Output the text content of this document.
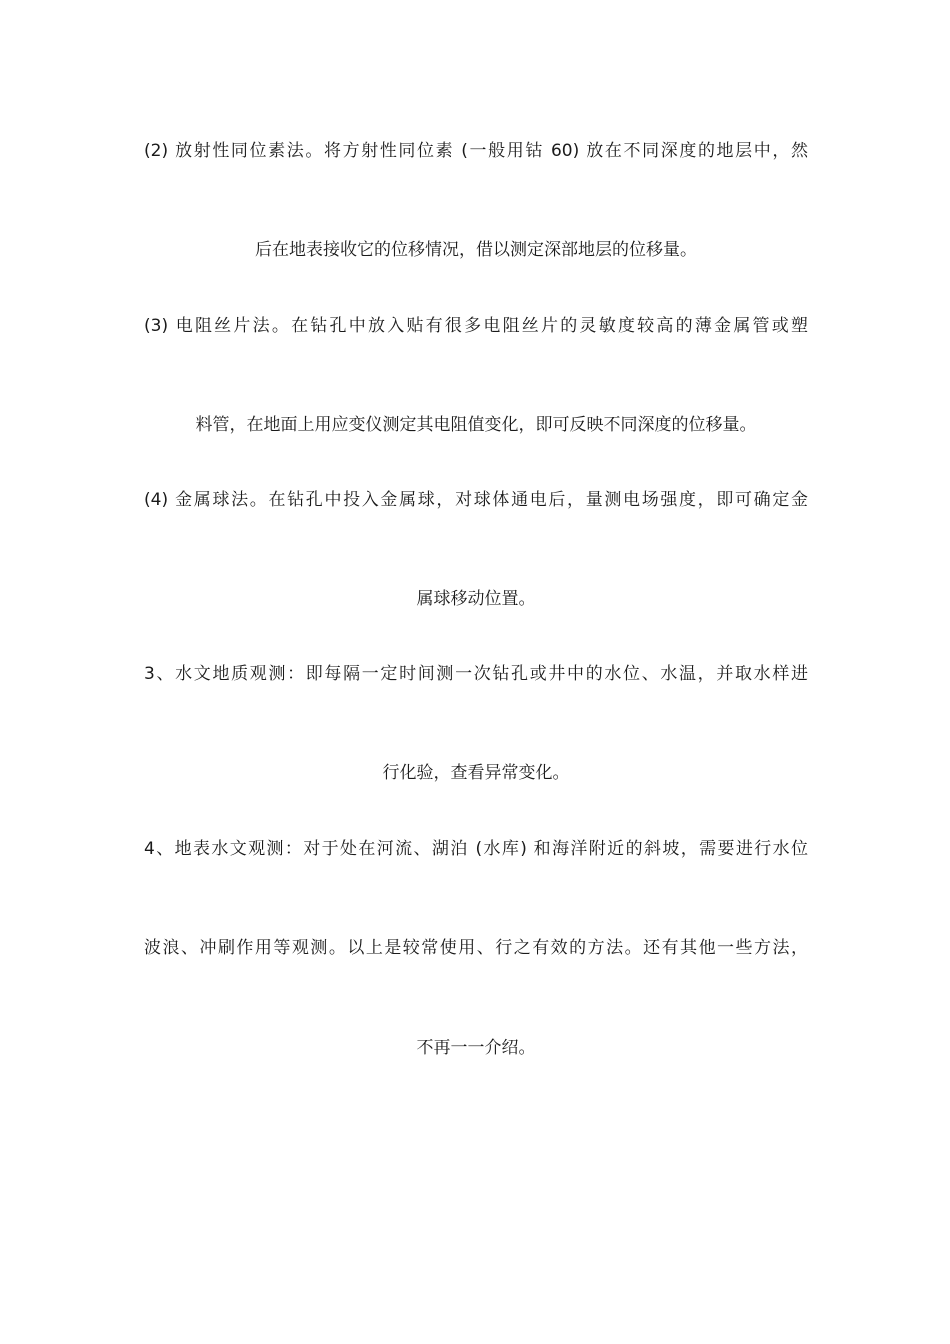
(2) 放射性同位素法。将方射性同位素 (一般用钴 60) 放在不同深度的地层中，然
后在地表接收它的位移情况，借以测定深部地层的位移量。
(3) 电阻丝片法。在钻孔中放入贴有很多电阻丝片的灵敏度较高的薄金属管或塑
料管，在地面上用应变仪测定其电阻值变化，即可反映不同深度的位移量。
(4) 金属球法。在钻孔中投入金属球，对球体通电后，量测电场强度，即可确定金
属球移动位置。
3、水文地质观测：即每隔一定时间测一次钻孔或井中的水位、水温，并取水样进
行化验，查看异常变化。
4、地表水文观测：对于处在河流、湖泊 (水库) 和海洋附近的斜坡，需要进行水位
波浪、冲刷作用等观测。以上是较常使用、行之有效的方法。还有其他一些方法，
不再一一介绍。
